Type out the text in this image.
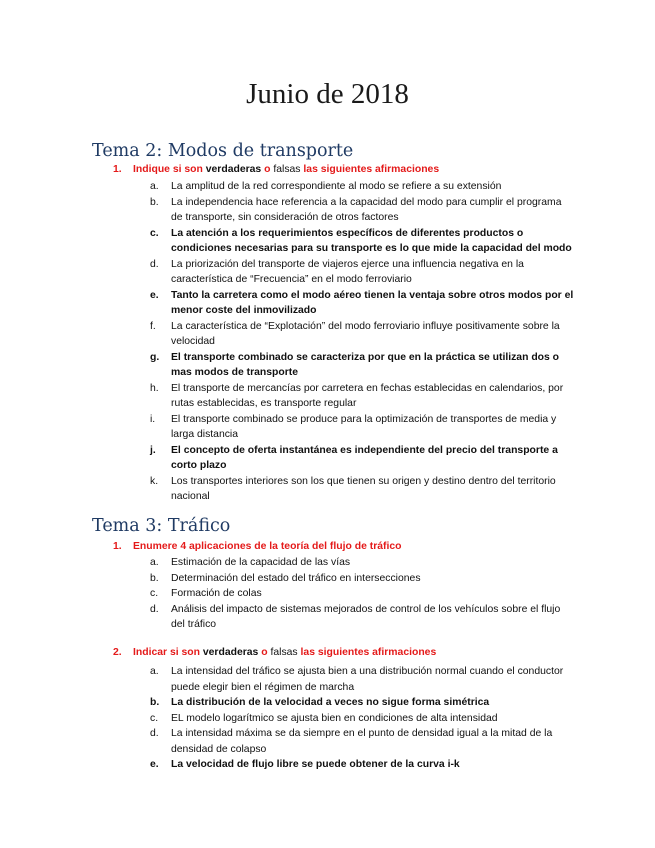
Junio de 2018
Tema 2: Modos de transporte
1. Indique si son verdaderas o falsas las siguientes afirmaciones
a. La amplitud de la red correspondiente al modo se refiere a su extensión
b. La independencia hace referencia a la capacidad del modo para cumplir el programa de transporte, sin consideración de otros factores
c. La atención a los requerimientos específicos de diferentes productos o condiciones necesarias para su transporte es lo que mide la capacidad del modo
d. La priorización del transporte de viajeros ejerce una influencia negativa en la característica de “Frecuencia” en el modo ferroviario
e. Tanto la carretera como el modo aéreo tienen la ventaja sobre otros modos por el menor coste del inmovilizado
f. La característica de “Explotación” del modo ferroviario influye positivamente sobre la velocidad
g. El transporte combinado se caracteriza por que en la práctica se utilizan dos o mas modos de transporte
h. El transporte de mercancías por carretera en fechas establecidas en calendarios, por rutas establecidas, es transporte regular
i. El transporte combinado se produce para la optimización de transportes de media y larga distancia
j. El concepto de oferta instantánea es independiente del precio del transporte a corto plazo
k. Los transportes interiores son los que tienen su origen y destino dentro del territorio nacional
Tema 3: Tráfico
1. Enumere 4 aplicaciones de la teoría del flujo de tráfico
a. Estimación de la capacidad de las vías
b. Determinación del estado del tráfico en intersecciones
c. Formación de colas
d. Análisis del impacto de sistemas mejorados de control de los vehículos sobre el flujo del tráfico
2. Indicar si son verdaderas o falsas las siguientes afirmaciones
a. La intensidad del tráfico se ajusta bien a una distribución normal cuando el conductor puede elegir bien el régimen de marcha
b. La distribución de la velocidad a veces no sigue forma simétrica
c. EL modelo logarítmico se ajusta bien en condiciones de alta intensidad
d. La intensidad máxima se da siempre en el punto de densidad igual a la mitad de la densidad de colapso
e. La velocidad de flujo libre se puede obtener de la curva i-k
